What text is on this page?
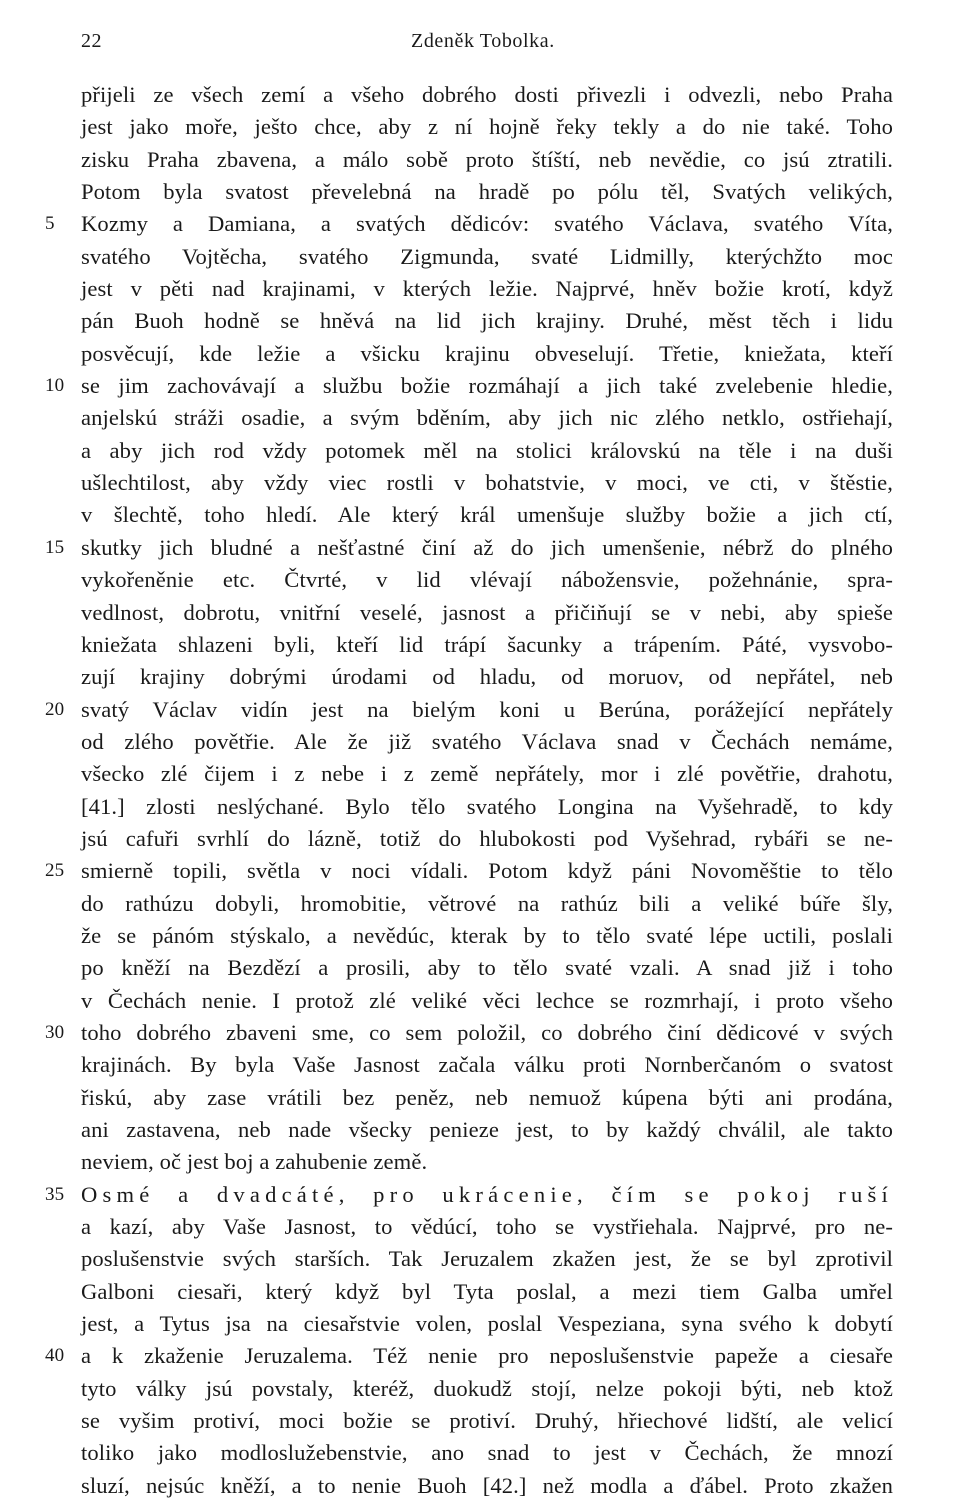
22	Zdeněk Tobolka.
přijeli ze všech zemí a všeho dobrého dosti přivezli i odvezli, nebo Praha
jest jako moře, ješto chce, aby z ní hojně řeky tekly a do nie také. Toho
zisku Praha zbavena, a málo sobě proto štíští, neb nevědie, co jsú ztratili.
Potom byla svatost převelebná na hradě po pólu těl, Svatých velikých,
5	Kozmy a Damiana, a svatých dědicóv: svatého Václava, svatého Víta,
svatého Vojtěcha, svatého Zigmunda, svaté Lidmilly, kterýchžto moc
jest v pěti nad krajinami, v kterých ležie. Najprvé, hněv božie krotí, když
pán Buoh hodně se hněvá na lid jich krajiny. Druhé, měst těch i lidu
posvěcují, kde ležie a všicku krajinu obveselují. Třetie, kniežata, kteří
10 se jim zachovávají a službu božie rozmáhají a jich také zvelebenie hledie,
anjelskú stráži osadie, a svým bděním, aby jich nic zlého netklo, ostřiehají,
a aby jich rod vždy potomek měl na stolici královskú na těle i na duši
ušlechtilost, aby vždy viec rostli v bohatstvie, v moci, ve cti, v štěstie,
v šlechtě, toho hledí. Ale který král umenšuje služby božie a jich ctí,
15 skutky jich bludné a nešťastné činí až do jich umenšenie, nébrž do plného
vykořeněnie etc. Čtvrté, v lid vlévají nábožensvie, požehnánie, spra-
vedlnost, dobrotu, vnitřní veselé, jasnost a přičiňují se v nebi, aby spieše
kniežata shlazeni byli, kteří lid trápí šacunky a trápením. Páté, vysvobo-
zují krajiny dobrými úrodami od hladu, od moruov, od nepřátel, neb
20 svatý Václav vidín jest na bielým koni u Berúna, porážející nepřátely
od zlého povětřie. Ale že již svatého Václava snad v Čechách nemáme,
všecko zlé čijem i z nebe i z země nepřátely, mor i zlé povětřie, drahotu,
[41.] zlosti neslýchané. Bylo tělo svatého Longina na Vyšehradě, to kdy
jsú cafuři svrhlí do lázně, totiž do hlubokosti pod Vyšehrad, rybáři se ne-
25 smierně topili, světla v noci vídali. Potom když páni Novoměštie to tělo
do rathúzu dobyli, hromobitie, větrové na rathúz bili a veliké búře šly,
že se pánóm stýskalo, a nevědúc, kterak by to tělo svaté lépe uctili, poslali
po kněží na Bezdězí a prosili, aby to tělo svaté vzali. A snad již i toho
v Čechách nenie. I protož zlé veliké věci lechce se rozmrhají, i proto všeho
30 toho dobrého zbaveni sme, co sem položil, co dobrého činí dědicové v svých
krajinách. By byla Vaše Jasnost začala válku proti Nornberčanóm o svatost
řiskú, aby zase vrátili bez peněz, neb nemuož kúpena býti ani prodána,
ani zastavena, neb nade všecky penieze jest, to by každý chválil, ale takto
neviem, oč jest boj a zahubenie země.
35 Osmé a dvadcáté, pro ukrácenie, čím se pokoj ruší
a kazí, aby Vaše Jasnost, to vědúcí, toho se vystřiehala. Najprvé, pro ne-
poslušenstvie svých starších. Tak Jeruzalem zkažen jest, že se byl zprotivil
Galboni ciesaři, který když byl Tyta poslal, a mezi tiem Galba umřel
jest, a Tytus jsa na ciesařstvie volen, poslal Vespeziana, syna svého k dobytí
40 a k zkaženie Jeruzalema. Též nenie pro neposlušenstvie papeže a ciesaře
tyto války jsú povstaly, kteréž, duokudž stojí, nelze pokoji býti, neb ktož
se vyšim protiví, moci božie se protiví. Druhý, hřiechové lidští, ale velicí
toliko jako modloslužebenstvie, ano snad to jest v Čechách, že mnozí
sluzí, nejsúc kněží, a to nenie Buoh [42.] než modla a ďábel. Proto zkažen
